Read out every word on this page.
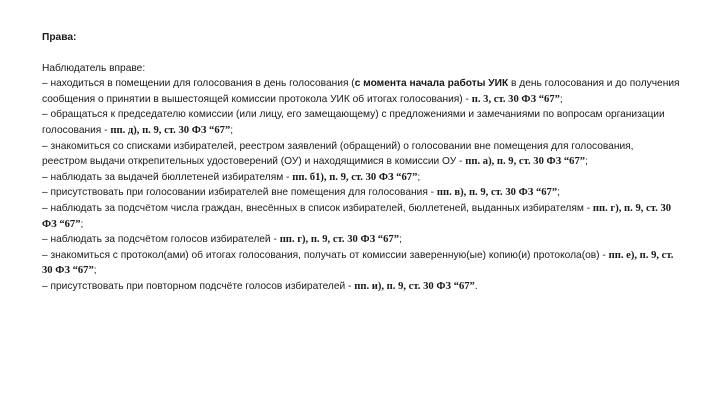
Права:

Наблюдатель вправе:

– находиться в помещении для голосования в день голосования (с момента начала работы УИК в день голосования и до получения сообщения о принятии в вышестоящей комиссии протокола УИК об итогах голосования) - п. 3, ст. 30 ФЗ “67”;

– обращаться к председателю комиссии (или лицу, его замещающему) с предложениями и замечаниями по вопросам организации голосования - пп. д), п. 9, ст. 30 ФЗ “67”;

– знакомиться со списками избирателей, реестром заявлений (обращений) о голосовании вне помещения для голосования, реестром выдачи открепительных удостоверений (ОУ) и находящимися в комиссии ОУ - пп. а), п. 9, ст. 30 ФЗ “67”;

– наблюдать за выдачей бюллетеней избирателям - пп. б1), п. 9, ст. 30 ФЗ “67”;

– присутствовать при голосовании избирателей вне помещения для голосования - пп. в), п. 9, ст. 30 ФЗ “67”;

– наблюдать за подсчётом числа граждан, внесённых в список избирателей, бюллетеней, выданных избирателям - пп. г), п. 9, ст. 30 ФЗ “67”;

– наблюдать за подсчётом голосов избирателей - пп. г), п. 9, ст. 30 ФЗ “67”;

– знакомиться с протокол(ами) об итогах голосования, получать от комиссии заверенную(ые) копию(и) протокола(ов) - пп. е), п. 9, ст. 30 ФЗ “67”;

– присутствовать при повторном подсчёте голосов избирателей - пп. и), п. 9, ст. 30 ФЗ “67”.
